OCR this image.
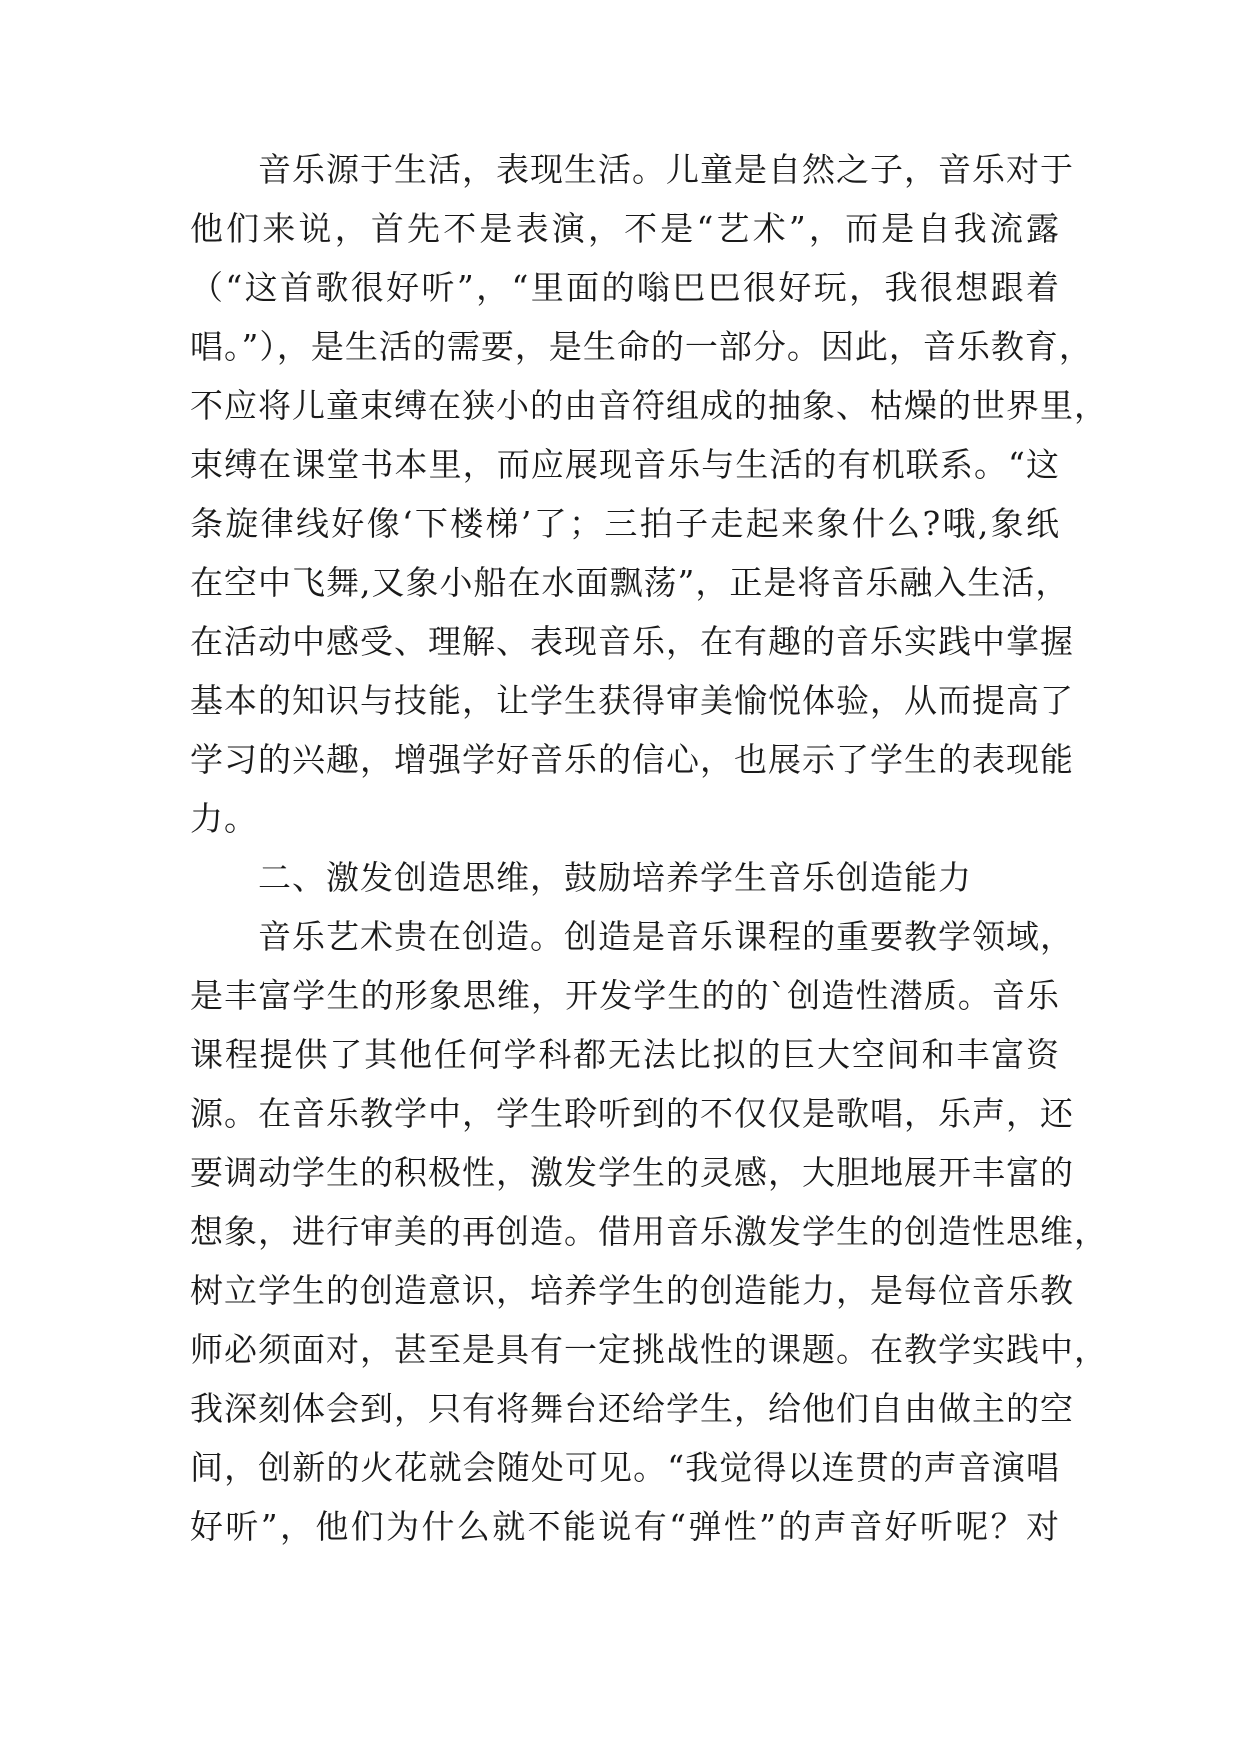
音乐源于生活，表现生活。儿童是自然之子，音乐对于
他们来说，首先不是表演，不是“艺术”，而是自我流露
（“这首歌很好听”，“里面的嗡巴巴很好玩，我很想跟着
唱。”），是生活的需要，是生命的一部分。因此，音乐教育，
不应将儿童束缚在狭小的由音符组成的抽象、枯燥的世界里，
束缚在课堂书本里，而应展现音乐与生活的有机联系。“这
条旋律线好像‘下楼梯’了；三拍子走起来象什么?哦,象纸
在空中飞舞,又象小船在水面飘荡”，正是将音乐融入生活，
在活动中感受、理解、表现音乐，在有趣的音乐实践中掌握
基本的知识与技能，让学生获得审美愉悦体验，从而提高了
学习的兴趣，增强学好音乐的信心，也展示了学生的表现能
力。
二、激发创造思维，鼓励培养学生音乐创造能力
音乐艺术贵在创造。创造是音乐课程的重要教学领域，
是丰富学生的形象思维，开发学生的的`创造性潜质。音乐
课程提供了其他任何学科都无法比拟的巨大空间和丰富资
源。在音乐教学中，学生聆听到的不仅仅是歌唱，乐声，还
要调动学生的积极性，激发学生的灵感，大胆地展开丰富的
想象，进行审美的再创造。借用音乐激发学生的创造性思维，
树立学生的创造意识，培养学生的创造能力，是每位音乐教
师必须面对，甚至是具有一定挑战性的课题。在教学实践中，
我深刻体会到，只有将舞台还给学生，给他们自由做主的空
间，创新的火花就会随处可见。“我觉得以连贯的声音演唱
好听”，他们为什么就不能说有“弹性”的声音好听呢？对
